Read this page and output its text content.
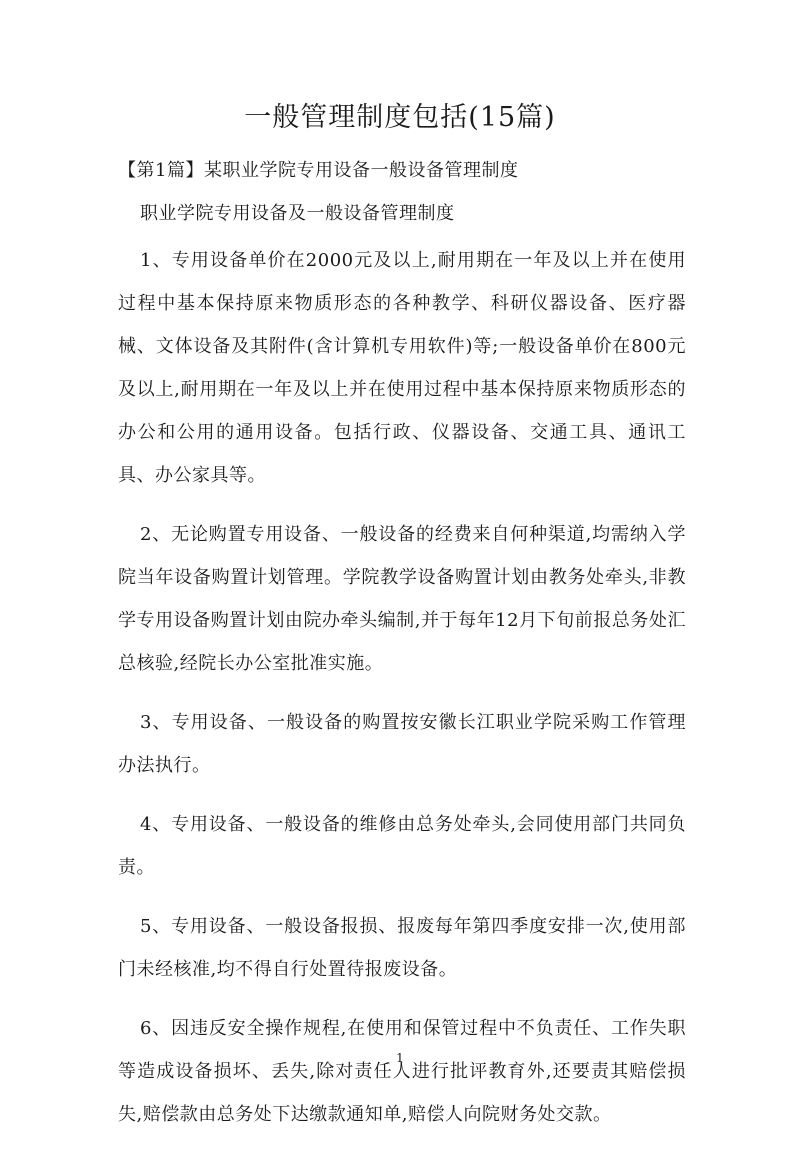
一般管理制度包括(15篇)
【第1篇】某职业学院专用设备一般设备管理制度
职业学院专用设备及一般设备管理制度

1、专用设备单价在2000元及以上,耐用期在一年及以上并在使用过程中基本保持原来物质形态的各种教学、科研仪器设备、医疗器械、文体设备及其附件(含计算机专用软件)等;一般设备单价在800元及以上,耐用期在一年及以上并在使用过程中基本保持原来物质形态的办公和公用的通用设备。包括行政、仪器设备、交通工具、通讯工具、办公家具等。

2、无论购置专用设备、一般设备的经费来自何种渠道,均需纳入学院当年设备购置计划管理。学院教学设备购置计划由教务处牵头,非教学专用设备购置计划由院办牵头编制,并于每年12月下旬前报总务处汇总核验,经院长办公室批准实施。

3、专用设备、一般设备的购置按安徽长江职业学院采购工作管理办法执行。

4、专用设备、一般设备的维修由总务处牵头,会同使用部门共同负责。

5、专用设备、一般设备报损、报废每年第四季度安排一次,使用部门未经核准,均不得自行处置待报废设备。

6、因违反安全操作规程,在使用和保管过程中不负责任、工作失职等造成设备损坏、丢失,除对责任人进行批评教育外,还要责其赔偿损失,赔偿款由总务处下达缴款通知单,赔偿人向院财务处交款。

1
